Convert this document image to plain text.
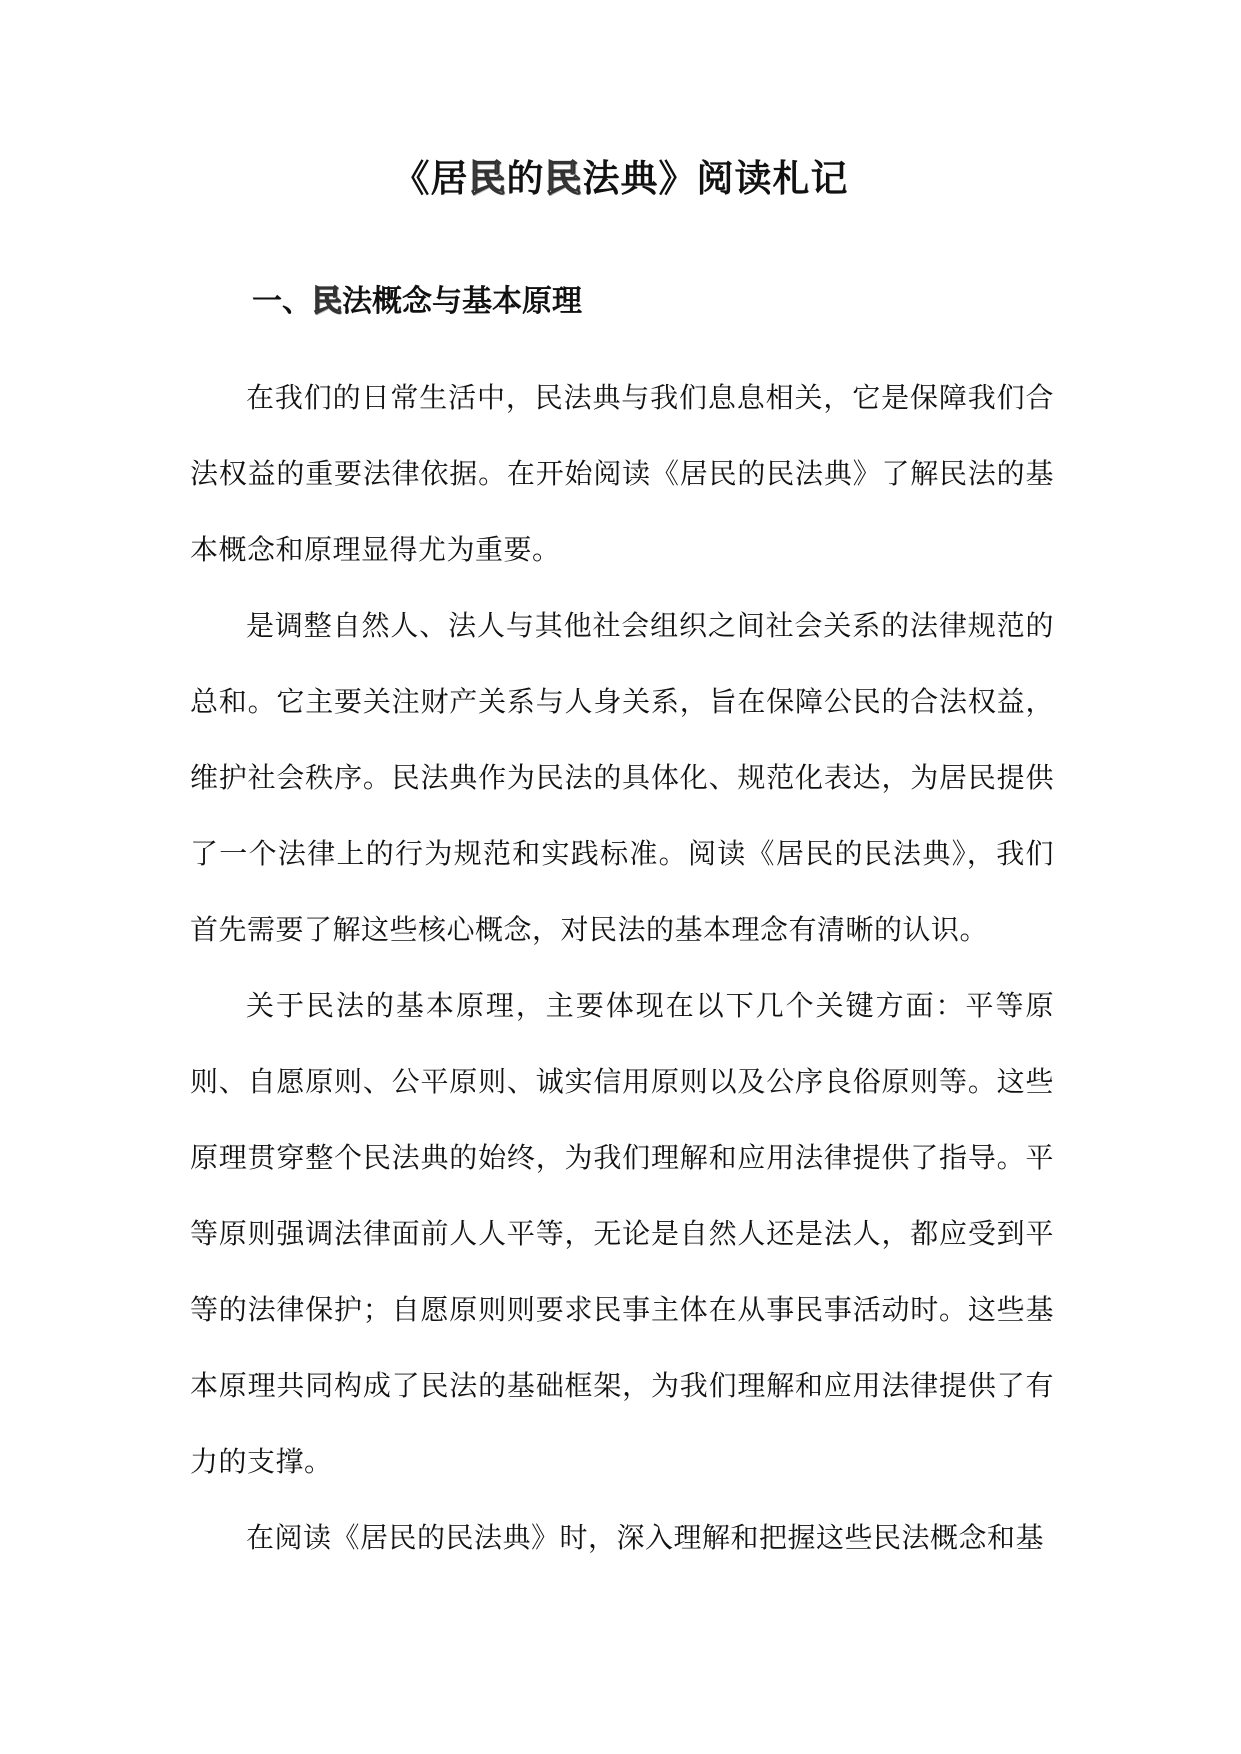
《居民的民法典》阅读札记
一、民法概念与基本原理

在我们的日常生活中，民法典与我们息息相关，它是保障我们合法权益的重要法律依据。在开始阅读《居民的民法典》了解民法的基本概念和原理显得尤为重要。

是调整自然人、法人与其他社会组织之间社会关系的法律规范的总和。它主要关注财产关系与人身关系，旨在保障公民的合法权益，维护社会秩序。民法典作为民法的具体化、规范化表达，为居民提供了一个法律上的行为规范和实践标准。阅读《居民的民法典》，我们首先需要了解这些核心概念，对民法的基本理念有清晰的认识。

关于民法的基本原理，主要体现在以下几个关键方面：平等原则、自愿原则、公平原则、诚实信用原则以及公序良俗原则等。这些原理贯穿整个民法典的始终，为我们理解和应用法律提供了指导。平等原则强调法律面前人人平等，无论是自然人还是法人，都应受到平等的法律保护；自愿原则则要求民事主体在从事民事活动时。这些基本原理共同构成了民法的基础框架，为我们理解和应用法律提供了有力的支撑。

在阅读《居民的民法典》时，深入理解和把握这些民法概念和基
